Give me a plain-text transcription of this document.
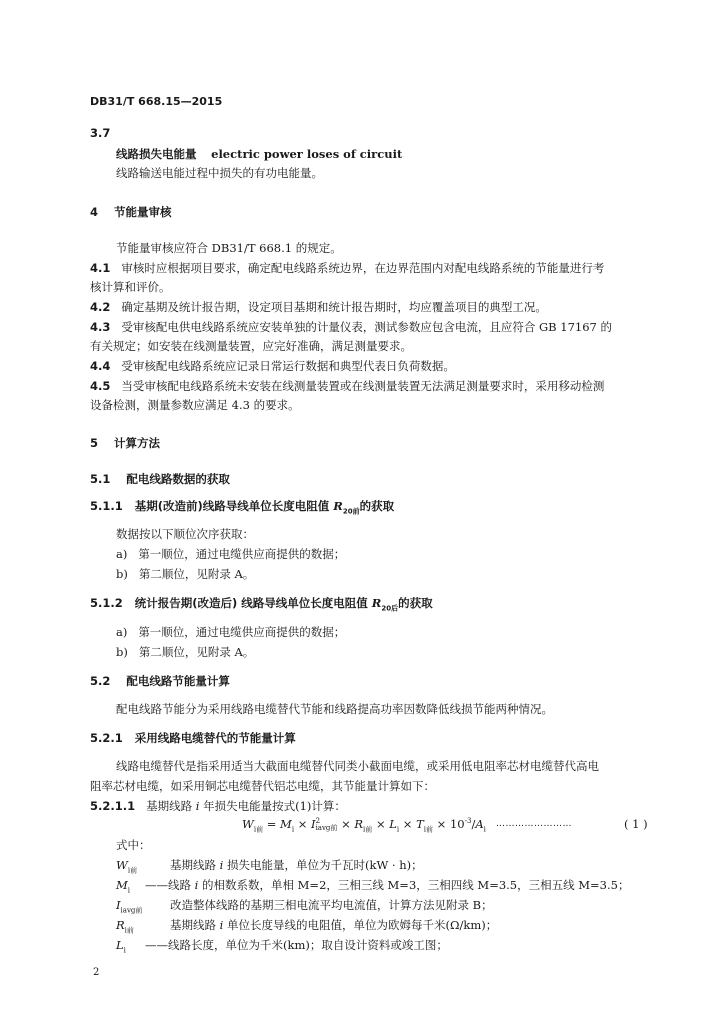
DB31/T 668.15—2015
3.7
线路损失电能量 electric power loses of circuit
线路输送电能过程中损失的有功电能量。
4 节能量审核
节能量审核应符合 DB31/T 668.1 的规定。
4.1 审核时应根据项目要求，确定配电线路系统边界，在边界范围内对配电线路系统的节能量进行考
核计算和评价。
4.2 确定基期及统计报告期，设定项目基期和统计报告期时，均应覆盖项目的典型工况。
4.3 受审核配电供电线路系统应安装单独的计量仪表，测试参数应包含电流，且应符合 GB 17167 的
有关规定；如安装在线测量装置，应完好准确，满足测量要求。
4.4 受审核配电线路系统应记录日常运行数据和典型代表日负荷数据。
4.5 当受审核配电线路系统未安装在线测量装置或在线测量装置无法满足测量要求时，采用移动检测
设备检测，测量参数应满足 4.3 的要求。
5 计算方法
5.1 配电线路数据的获取
5.1.1 基期(改造前)线路导线单位长度电阻值 $R_{20前}$的获取
数据按以下顺位次序获取：
a) 第一顺位，通过电缆供应商提供的数据；
b) 第二顺位，见附录 A。
5.1.2 统计报告期(改造后) 线路导线单位长度电阻值 $R_{20后}$的获取
a) 第一顺位，通过电缆供应商提供的数据；
b) 第二顺位，见附录 A。
5.2 配电线路节能量计算
配电线路节能分为采用线路电缆替代节能和线路提高功率因数降低线损节能两种情况。
5.2.1 采用线路电缆替代的节能量计算
线路电缆替代是指采用适当大截面电缆替代同类小截面电缆，或采用低电阻率芯材电缆替代高电
阻率芯材电缆，如采用铜芯电缆替代铝芯电缆，其节能量计算如下：
5.2.1.1 基期线路 i 年损失电能量按式(1)计算：
$W_{i前} = M_i \times I$ 2
iavg前 × $R_{i前} \times L_i \times T_{i前} \times 10^{-3}/A_i$
……………………	( 1 )
式中：
$W_{i前}$	基期线路 i 损失电能量，单位为千瓦时(kW · h)；
$M_i$ ——线路 i 的相数系数，单相 M=2，三相三线 M=3，三相四线 M=3.5，三相五线 M=3.5；
$I_{iavg前}$ 改造整体线路的基期三相电流平均电流值，计算方法见附录 B；
$R_{i前}$	基期线路 i 单位长度导线的电阻值，单位为欧姆每千米(Ω/km)；
$L_i$ ——线路长度，单位为千米(km)；取自设计资料或竣工图；
2
